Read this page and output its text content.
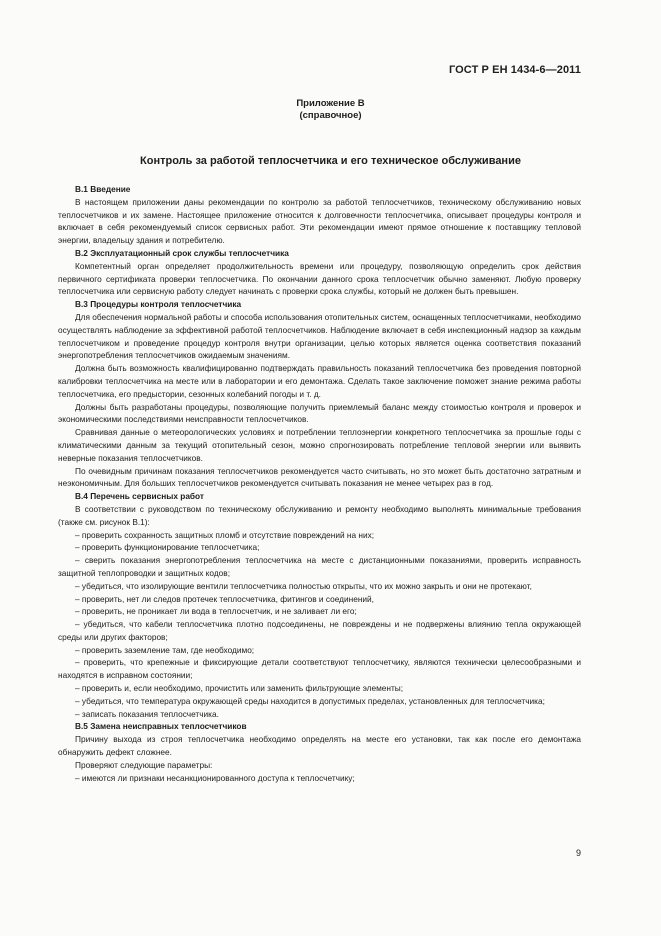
ГОСТ Р ЕН 1434-6—2011
Приложение В
(справочное)
Контроль за работой теплосчетчика и его техническое обслуживание

В.1 Введение

В настоящем приложении даны рекомендации по контролю за работой теплосчетчиков, техническому обслуживанию новых теплосчетчиков и их замене. Настоящее приложение относится к долговечности теплосчетчика, описывает процедуры контроля и включает в себя рекомендуемый список сервисных работ. Эти рекомендации имеют прямое отношение к поставщику тепловой энергии, владельцу здания и потребителю.

В.2 Эксплуатационный срок службы теплосчетчика

Компетентный орган определяет продолжительность времени или процедуру, позволяющую определить срок действия первичного сертификата проверки теплосчетчика. По окончании данного срока теплосчетчик обычно заменяют. Любую проверку теплосчетчика или сервисную работу следует начинать с проверки срока службы, который не должен быть превышен.

В.3 Процедуры контроля теплосчетчика

Для обеспечения нормальной работы и способа использования отопительных систем, оснащенных теплосчетчиками, необходимо осуществлять наблюдение за эффективной работой теплосчетчиков. Наблюдение включает в себя инспекционный надзор за каждым теплосчетчиком и проведение процедур контроля внутри организации, целью которых является оценка соответствия показаний энергопотребления теплосчетчиков ожидаемым значениям.

Должна быть возможность квалифицированно подтверждать правильность показаний теплосчетчика без проведения повторной калибровки теплосчетчика на месте или в лаборатории и его демонтажа. Сделать такое заключение поможет знание режима работы теплосчетчика, его предыстории, сезонных колебаний погоды и т. д.

Должны быть разработаны процедуры, позволяющие получить приемлемый баланс между стоимостью контроля и проверок и экономическими последствиями неисправности теплосчетчиков.

Сравнивая данные о метеорологических условиях и потреблении теплоэнергии конкретного теплосчетчика за прошлые годы с климатическими данным за текущий отопительный сезон, можно спрогнозировать потребление тепловой энергии или выявить неверные показания теплосчетчиков.

По очевидным причинам показания теплосчетчиков рекомендуется часто считывать, но это может быть достаточно затратным и неэкономичным. Для больших теплосчетчиков рекомендуется считывать показания не менее четырех раз в год.

В.4 Перечень сервисных работ

В соответствии с руководством по техническому обслуживанию и ремонту необходимо выполнять минимальные требования (также см. рисунок В.1):

– проверить сохранность защитных пломб и отсутствие повреждений на них;

– проверить функционирование теплосчетчика;

– сверить показания энергопотребления теплосчетчика на месте с дистанционными показаниями, проверить исправность защитной теплопроводки и защитных кодов;

– убедиться, что изолирующие вентили теплосчетчика полностью открыты, что их можно закрыть и они не протекают,

– проверить, нет ли следов протечек теплосчетчика, фитингов и соединений,

– проверить, не проникает ли вода в теплосчетчик, и не заливает ли его;

– убедиться, что кабели теплосчетчика плотно подсоединены, не повреждены и не подвержены влиянию тепла окружающей среды или других факторов;

– проверить заземление там, где необходимо;

– проверить, что крепежные и фиксирующие детали соответствуют теплосчетчику, являются технически целесообразными и находятся в исправном состоянии;

– проверить и, если необходимо, прочистить или заменить фильтрующие элементы;

– убедиться, что температура окружающей среды находится в допустимых пределах, установленных для теплосчетчика;

– записать показания теплосчетчика.

В.5 Замена неисправных теплосчетчиков

Причину выхода из строя теплосчетчика необходимо определять на месте его установки, так как после его демонтажа обнаружить дефект сложнее.

Проверяют следующие параметры:

– имеются ли признаки несанкционированного доступа к теплосчетчику;

9
